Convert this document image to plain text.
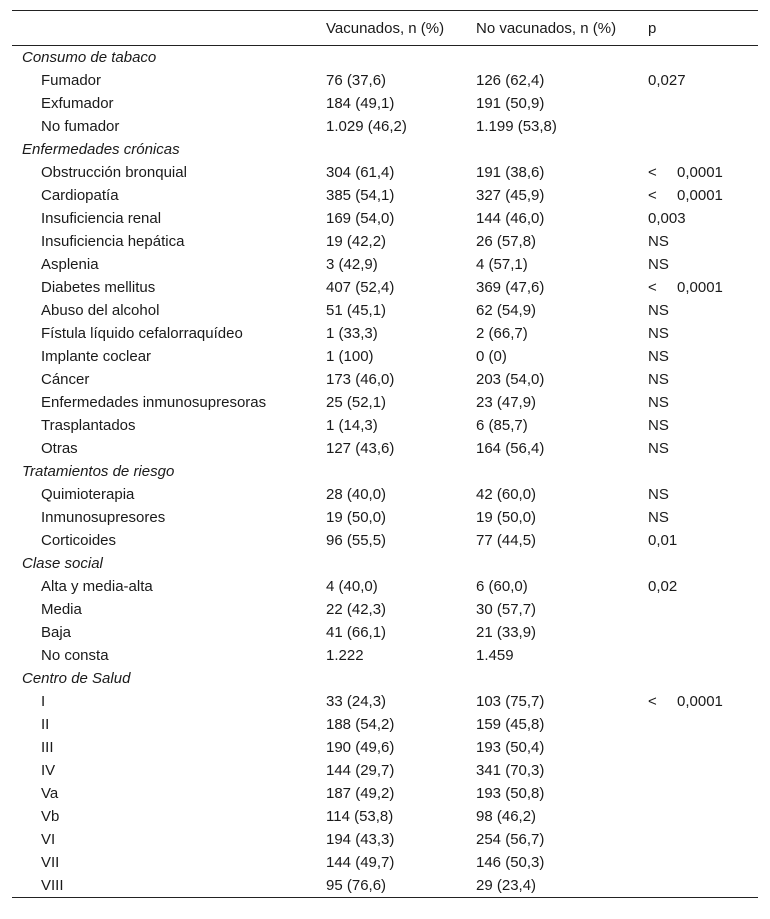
	Vacunados, n (%)	No vacunados, n (%)	p
Consumo de tabaco			
Fumador	76 (37,6)	126 (62,4)	0,027
Exfumador	184 (49,1)	191 (50,9)	
No fumador	1.029 (46,2)	1.199 (53,8)	
Enfermedades crónicas			
Obstrucción bronquial	304 (61,4)	191 (38,6)	< 0,0001
Cardiopatía	385 (54,1)	327 (45,9)	< 0,0001
Insuficiencia renal	169 (54,0)	144 (46,0)	0,003
Insuficiencia hepática	19 (42,2)	26 (57,8)	NS
Asplenia	3 (42,9)	4 (57,1)	NS
Diabetes mellitus	407 (52,4)	369 (47,6)	< 0,0001
Abuso del alcohol	51 (45,1)	62 (54,9)	NS
Fístula líquido cefalorraquídeo	1 (33,3)	2 (66,7)	NS
Implante coclear	1 (100)	0 (0)	NS
Cáncer	173 (46,0)	203 (54,0)	NS
Enfermedades inmunosupresoras	25 (52,1)	23 (47,9)	NS
Trasplantados	1 (14,3)	6 (85,7)	NS
Otras	127 (43,6)	164 (56,4)	NS
Tratamientos de riesgo			
Quimioterapia	28 (40,0)	42 (60,0)	NS
Inmunosupresores	19 (50,0)	19 (50,0)	NS
Corticoides	96 (55,5)	77 (44,5)	0,01
Clase social			
Alta y media-alta	4 (40,0)	6 (60,0)	0,02
Media	22 (42,3)	30 (57,7)	
Baja	41 (66,1)	21 (33,9)	
No consta	1.222	1.459	
Centro de Salud			
I	33 (24,3)	103 (75,7)	< 0,0001
II	188 (54,2)	159 (45,8)	
III	190 (49,6)	193 (50,4)	
IV	144 (29,7)	341 (70,3)	
Va	187 (49,2)	193 (50,8)	
Vb	114 (53,8)	98 (46,2)	
VI	194 (43,3)	254 (56,7)	
VII	144 (49,7)	146 (50,3)	
VIII	95 (76,6)	29 (23,4)	
